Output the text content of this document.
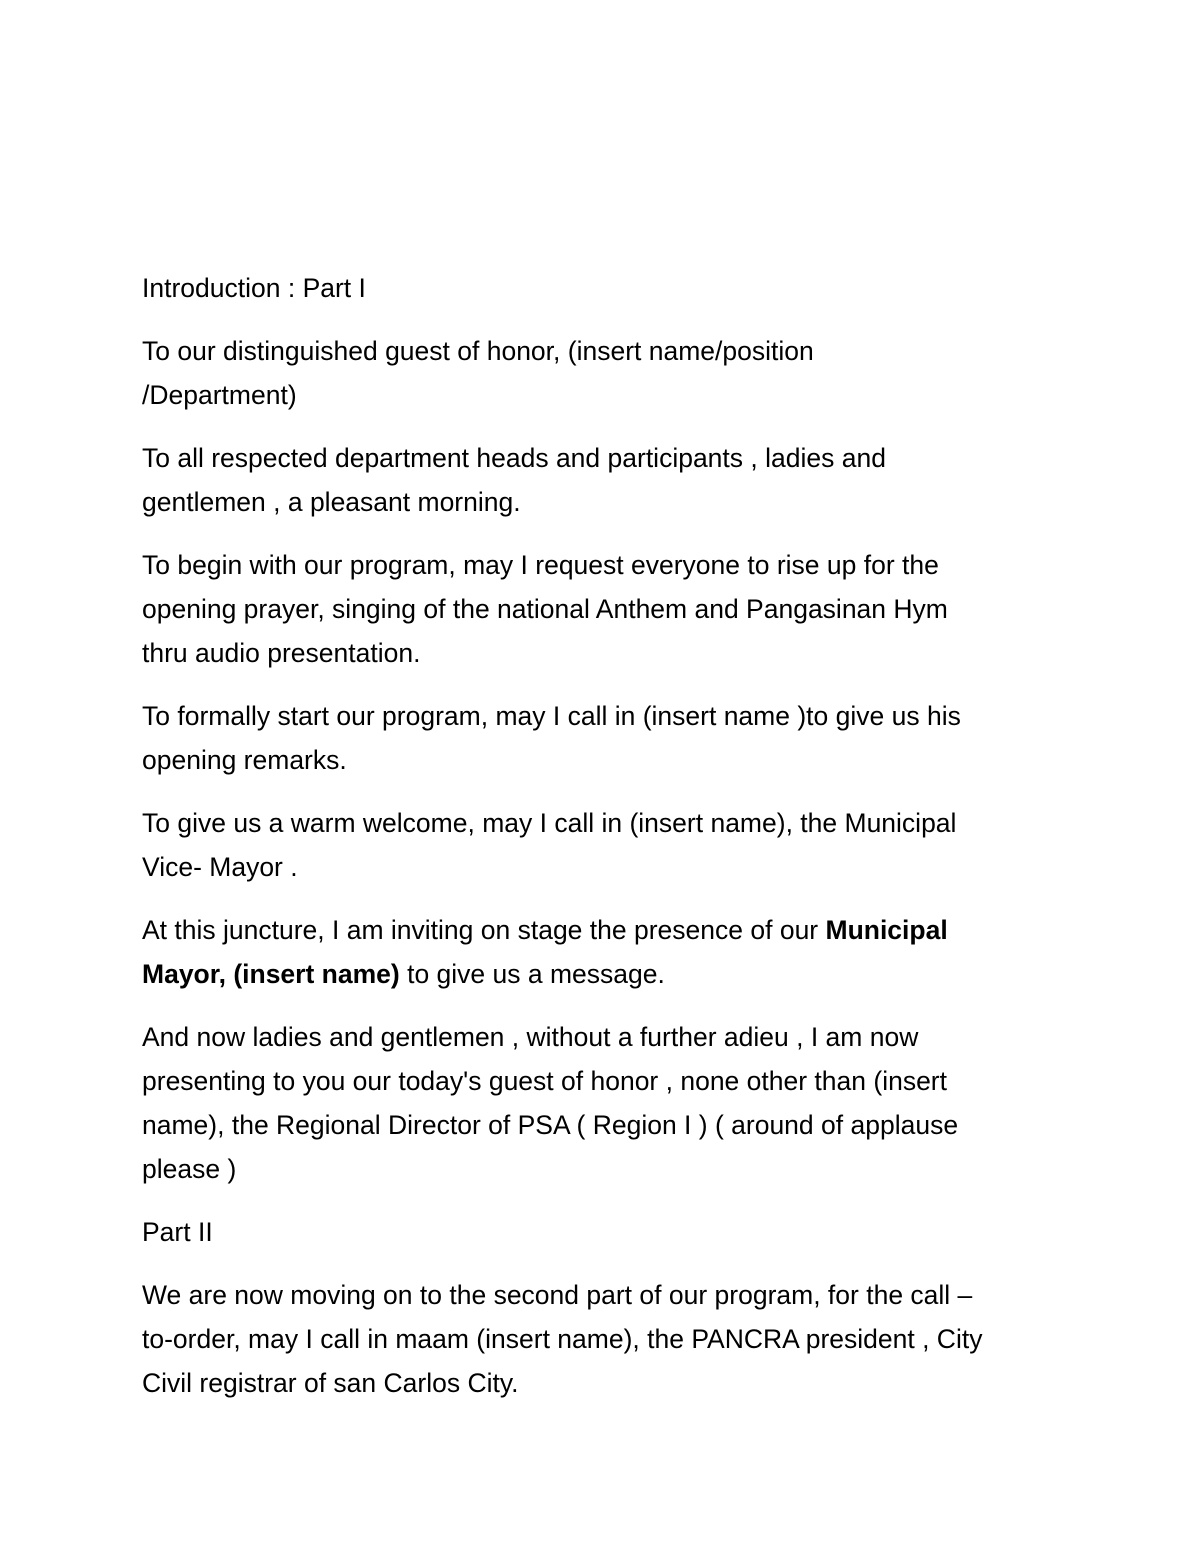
Introduction : Part I

To our distinguished guest of honor, (insert name/position
/Department)

To all respected department heads and participants , ladies and
gentlemen , a pleasant morning.

To begin with our program, may I request everyone to rise up for the
opening prayer, singing of the national Anthem and Pangasinan Hym
thru audio presentation.

To formally start our program, may I call in (insert name )to give us his
opening remarks.

To give us a warm welcome, may I call in (insert name), the Municipal
Vice- Mayor .

At this juncture, I am inviting on stage the presence of our Municipal
Mayor, (insert name) to give us a message.

And now ladies and gentlemen , without a further adieu , I am now
presenting to you our today's guest of honor , none other than (insert
name), the Regional Director of PSA ( Region I ) ( around of applause
please )

Part II

We are now moving on to the second part of our program, for the call –
to-order, may I call in maam (insert name), the PANCRA president , City
Civil registrar of san Carlos City.
